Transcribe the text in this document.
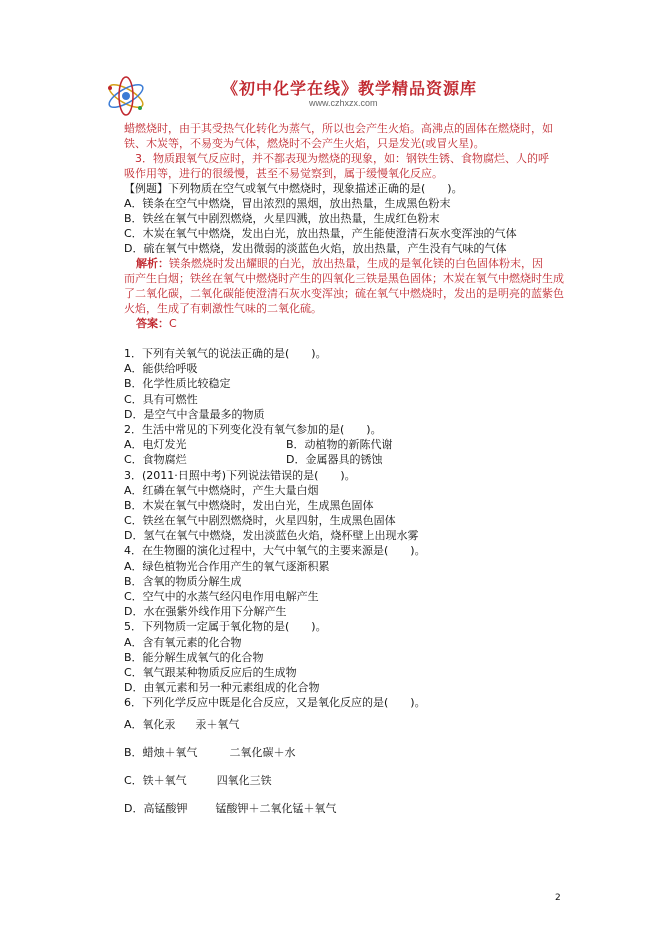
《初中化学在线》教学精品资源库
www.czhxzx.com
蜡燃烧时，由于其受热气化转化为蒸气，所以也会产生火焰。高沸点的固体在燃烧时，如
铁、木炭等，不易变为气体，燃烧时不会产生火焰，只是发光(或冒火星)。
　3．物质跟氧气反应时，并不都表现为燃烧的现象，如：钢铁生锈、食物腐烂、人的呼
吸作用等，进行的很缓慢，甚至不易觉察到，属于缓慢氧化反应。
【例题】下列物质在空气或氧气中燃烧时，现象描述正确的是(　　)。
A．镁条在空气中燃烧，冒出浓烈的黑烟，放出热量，生成黑色粉末
B．铁丝在氧气中剧烈燃烧，火星四溅，放出热量，生成红色粉末
C．木炭在氧气中燃烧，发出白光，放出热量，产生能使澄清石灰水变浑浊的气体
D．硫在氧气中燃烧，发出微弱的淡蓝色火焰，放出热量，产生没有气味的气体
解析：镁条燃烧时发出耀眼的白光，放出热量，生成的是氧化镁的白色固体粉末，因
而产生白烟；铁丝在氧气中燃烧时产生的四氧化三铁是黑色固体；木炭在氧气中燃烧时生成
了二氧化碳，二氧化碳能使澄清石灰水变浑浊；硫在氧气中燃烧时，发出的是明亮的蓝紫色
火焰，生成了有刺激性气味的二氧化硫。
答案：C
1．下列有关氧气的说法正确的是(　　)。
A．能供给呼吸
B．化学性质比较稳定
C．具有可燃性
D．是空气中含量最多的物质
2．生活中常见的下列变化没有氧气参加的是(　　)。
A．电灯发光	B．动植物的新陈代谢
C．食物腐烂	D．金属器具的锈蚀
3．(2011·日照中考)下列说法错误的是(　　)。
A．红磷在氧气中燃烧时，产生大量白烟
B．木炭在氧气中燃烧时，发出白光，生成黑色固体
C．铁丝在氧气中剧烈燃烧时，火星四射，生成黑色固体
D．氢气在氧气中燃烧，发出淡蓝色火焰，烧杯壁上出现水雾
4．在生物圈的演化过程中，大气中氧气的主要来源是(　　)。
A．绿色植物光合作用产生的氧气逐渐积累
B．含氧的物质分解生成
C．空气中的水蒸气经闪电作用电解产生
D．水在强紫外线作用下分解产生
5．下列物质一定属于氧化物的是(　　)。
A．含有氧元素的化合物
B．能分解生成氧气的化合物
C．氧气跟某种物质反应后的生成物
D．由氧元素和另一种元素组成的化合物
6．下列化学反应中既是化合反应，又是氧化反应的是(　　)。
A．氧化汞 汞＋氧气
B．蜡烛＋氧气	二氧化碳＋水
C．铁＋氧气	四氧化三铁
D．高锰酸钾	锰酸钾＋二氧化锰＋氧气
2
